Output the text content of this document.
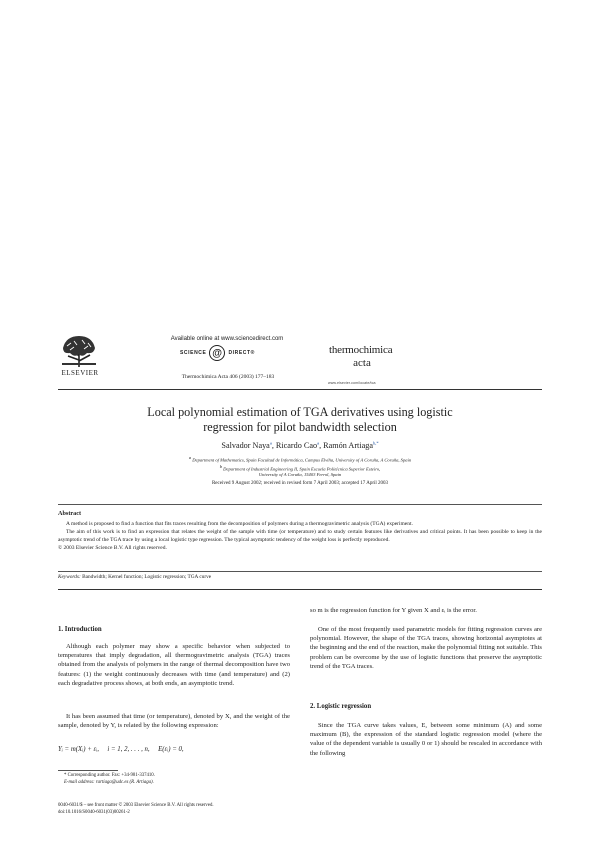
ELSEVIER
Available online at www.sciencedirect.com
SCIENCE @	DIRECT®
Thermochimica Acta 406 (2003) 177–183
thermochimica
acta
www.elsevier.com/locate/tca
Local polynomial estimation of TGA derivatives using logistic
regression for pilot bandwidth selection
Salvador Naya$^a$, Ricardo Cao$^a$, Ramón Artiaga$^{b,*}$
$^a$ Department of Mathematics, Spain Facultad de Informática, Campus Elviña, University of A Coruña, A Coruña, Spain
$^b$ Department of Industrial Engineering II, Spain Escuela Politécnica Superior Esteiro,
University of A Coruña, 15403 Ferrol, Spain
Received 9 August 2002; received in revised form 7 April 2003; accepted 17 April 2003
Abstract
A method is proposed to find a function that fits traces resulting from the decomposition of polymers during a thermogravimetric analysis (TGA) experiment.
The aim of this work is to find an expression that relates the weight of the sample with time (or temperature) and to study certain features like derivatives and critical points. It has been possible to keep in the asymptotic trend of the TGA trace by using a local logistic type regression. The typical asymptotic tendency of the weight loss is perfectly reproduced.
© 2003 Elsevier Science B.V. All rights reserved.
Keywords: Bandwidth; Kernel function; Logistic regression; TGA curve
1. Introduction
Although each polymer may show a specific behavior when subjected to temperatures that imply degradation, all thermogravimetric analysis (TGA) traces obtained from the analysis of polymers in the range of thermal decomposition have two features: (1) the weight continuously decreases with time (and temperature) and (2) each degradative process shows, at both ends, an asymptotic trend.
It has been assumed that time (or temperature), denoted by X, and the weight of the sample, denoted by Y, is related by the following expression:
Yᵢ = m(Xᵢ) + εᵢ,     i = 1, 2, . . . , n,     E(εᵢ) = 0,
* Corresponding author. Fax: +34-981-337410.
E-mail address: rartiaga@udc.es (R. Artiaga).
so m is the regression function for Y given X and εᵢ is the error.
One of the most frequently used parametric models for fitting regression curves are polynomial. However, the shape of the TGA traces, showing horizontal asymptotes at the beginning and the end of the reaction, make the polynomial fitting not suitable. This problem can be overcome by the use of logistic functions that preserve the asymptotic trend of the TGA traces.
2. Logistic regression
Since the TGA curve takes values, E, between some minimum (A) and some maximum (B), the expression of the standard logistic regression model (where the value of the dependent variable is usually 0 or 1) should be rescaled in accordance with the following
0040-6031/$ – see front matter © 2003 Elsevier Science B.V. All rights reserved.
doi:10.1016/S0040-6031(03)00261-2
